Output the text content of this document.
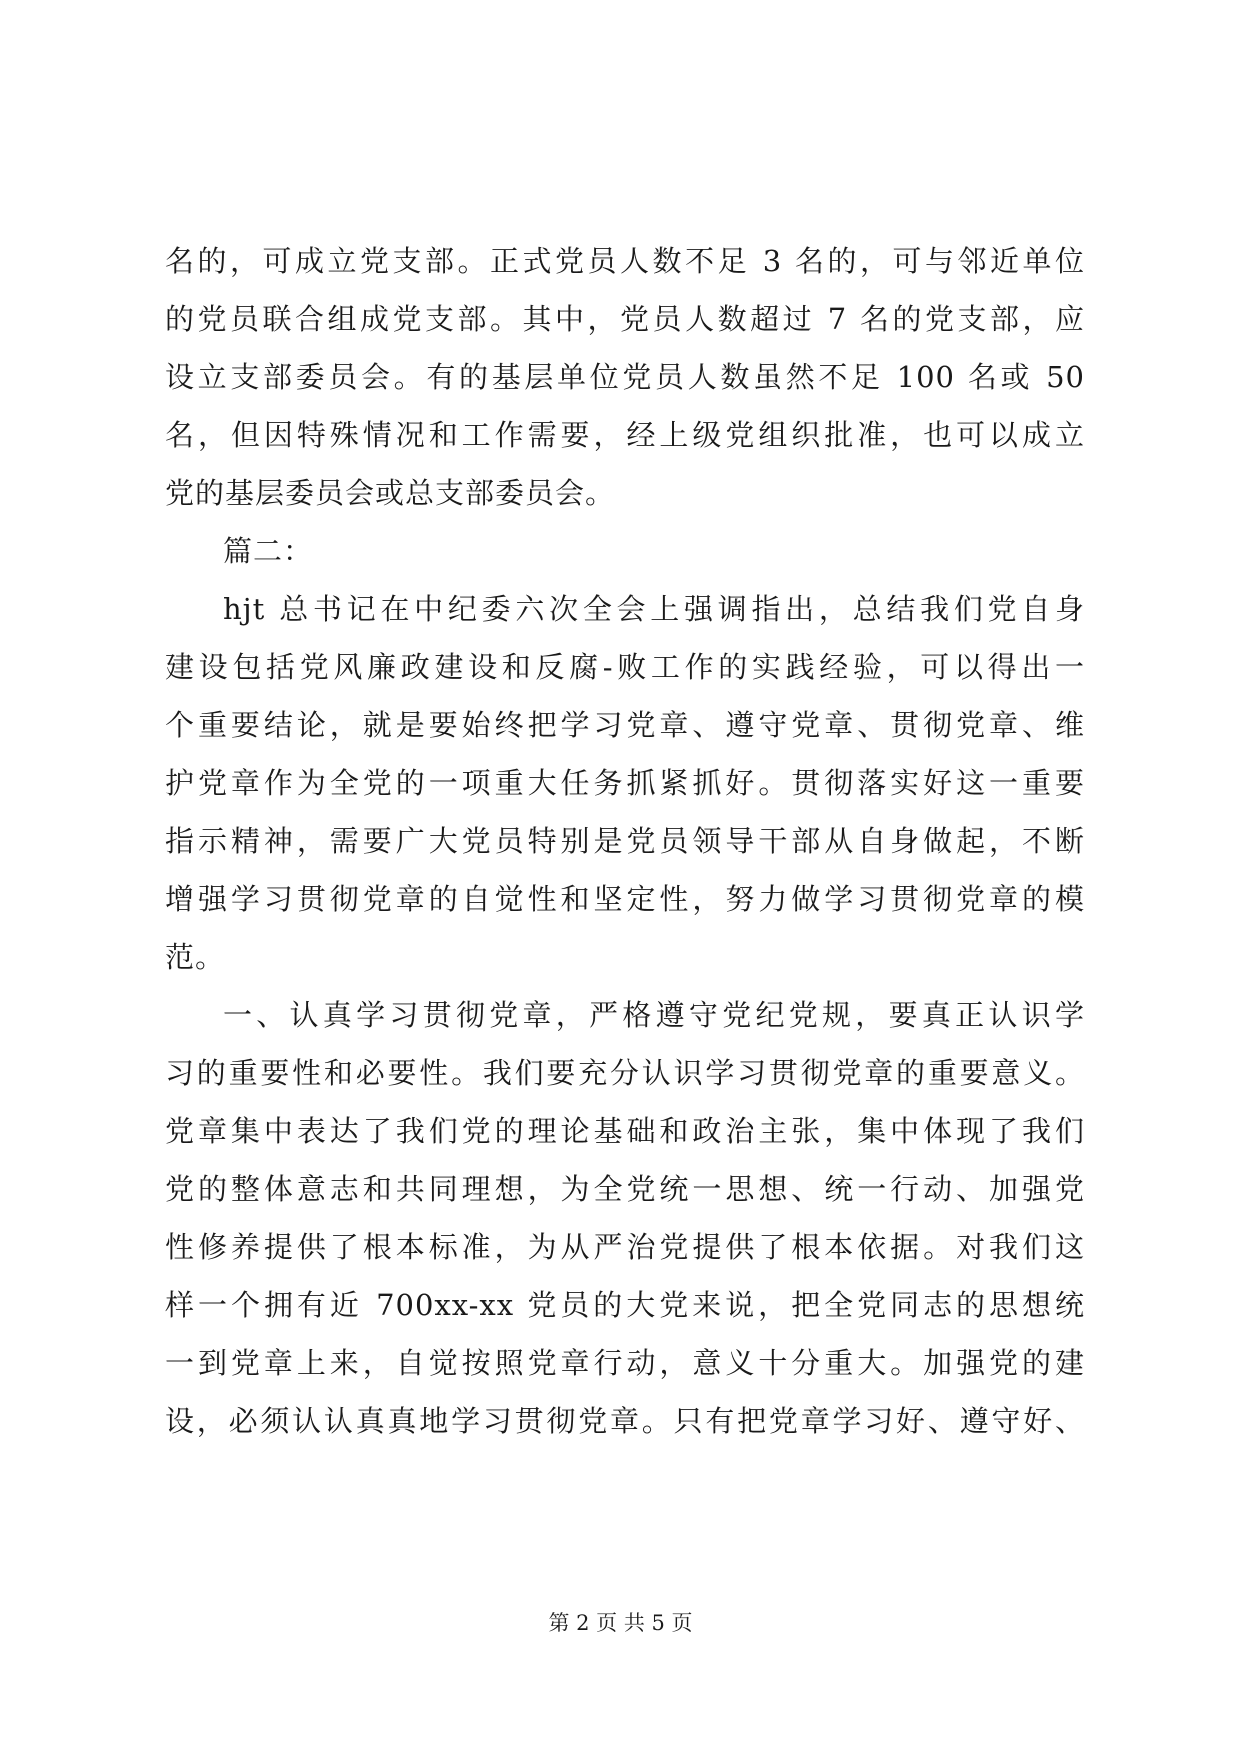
名的，可成立党支部。正式党员人数不足 3 名的，可与邻近单位
的党员联合组成党支部。其中，党员人数超过 7 名的党支部，应
设立支部委员会。有的基层单位党员人数虽然不足 100 名或 50
名，但因特殊情况和工作需要，经上级党组织批准，也可以成立
党的基层委员会或总支部委员会。
篇二：
hjt 总书记在中纪委六次全会上强调指出，总结我们党自身
建设包括党风廉政建设和反腐-败工作的实践经验，可以得出一
个重要结论，就是要始终把学习党章、遵守党章、贯彻党章、维
护党章作为全党的一项重大任务抓紧抓好。贯彻落实好这一重要
指示精神，需要广大党员特别是党员领导干部从自身做起，不断
增强学习贯彻党章的自觉性和坚定性，努力做学习贯彻党章的模
范。
一、认真学习贯彻党章，严格遵守党纪党规，要真正认识学
习的重要性和必要性。我们要充分认识学习贯彻党章的重要意义。
党章集中表达了我们党的理论基础和政治主张，集中体现了我们
党的整体意志和共同理想，为全党统一思想、统一行动、加强党
性修养提供了根本标准，为从严治党提供了根本依据。对我们这
样一个拥有近 700xx-xx 党员的大党来说，把全党同志的思想统
一到党章上来，自觉按照党章行动，意义十分重大。加强党的建
设，必须认认真真地学习贯彻党章。只有把党章学习好、遵守好、
第 2 页 共 5 页
